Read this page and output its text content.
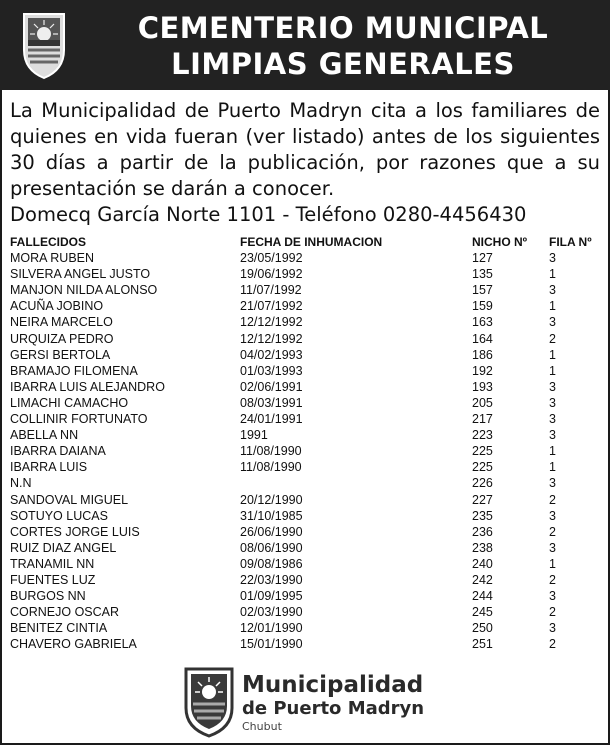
CEMENTERIO MUNICIPAL
LIMPIAS GENERALES

La Municipalidad de Puerto Madryn cita a los familiares de quienes en vida fueran (ver listado) antes de los siguientes 30 días a partir de la publicación, por razones que a su presentación se darán a conocer.

Domecq García Norte 1101 - Teléfono 0280-4456430

FALLECIDOS	FECHA DE INHUMACION	NICHO Nº	FILA Nº
MORA RUBEN	23/05/1992	127	3
SILVERA ANGEL JUSTO	19/06/1992	135	1
MANJON NILDA ALONSO	11/07/1992	157	3
ACUÑA JOBINO	21/07/1992	159	1
NEIRA MARCELO	12/12/1992	163	3
URQUIZA PEDRO	12/12/1992	164	2
GERSI BERTOLA	04/02/1993	186	1
BRAMAJO FILOMENA	01/03/1993	192	1
IBARRA LUIS ALEJANDRO	02/06/1991	193	3
LIMACHI CAMACHO	08/03/1991	205	3
COLLINIR FORTUNATO	24/01/1991	217	3
ABELLA NN	1991	223	3
IBARRA DAIANA	11/08/1990	225	1
IBARRA LUIS	11/08/1990	225	1
N.N		226	3
SANDOVAL MIGUEL	20/12/1990	227	2
SOTUYO LUCAS	31/10/1985	235	3
CORTES JORGE LUIS	26/06/1990	236	2
RUIZ DIAZ ANGEL	08/06/1990	238	3
TRANAMIL NN	09/08/1986	240	1
FUENTES LUZ	22/03/1990	242	2
BURGOS NN	01/09/1995	244	3
CORNEJO OSCAR	02/03/1990	245	2
BENITEZ CINTIA	12/01/1990	250	3
CHAVERO GABRIELA	15/01/1990	251	2
Municipalidad
de Puerto Madryn
Chubut
